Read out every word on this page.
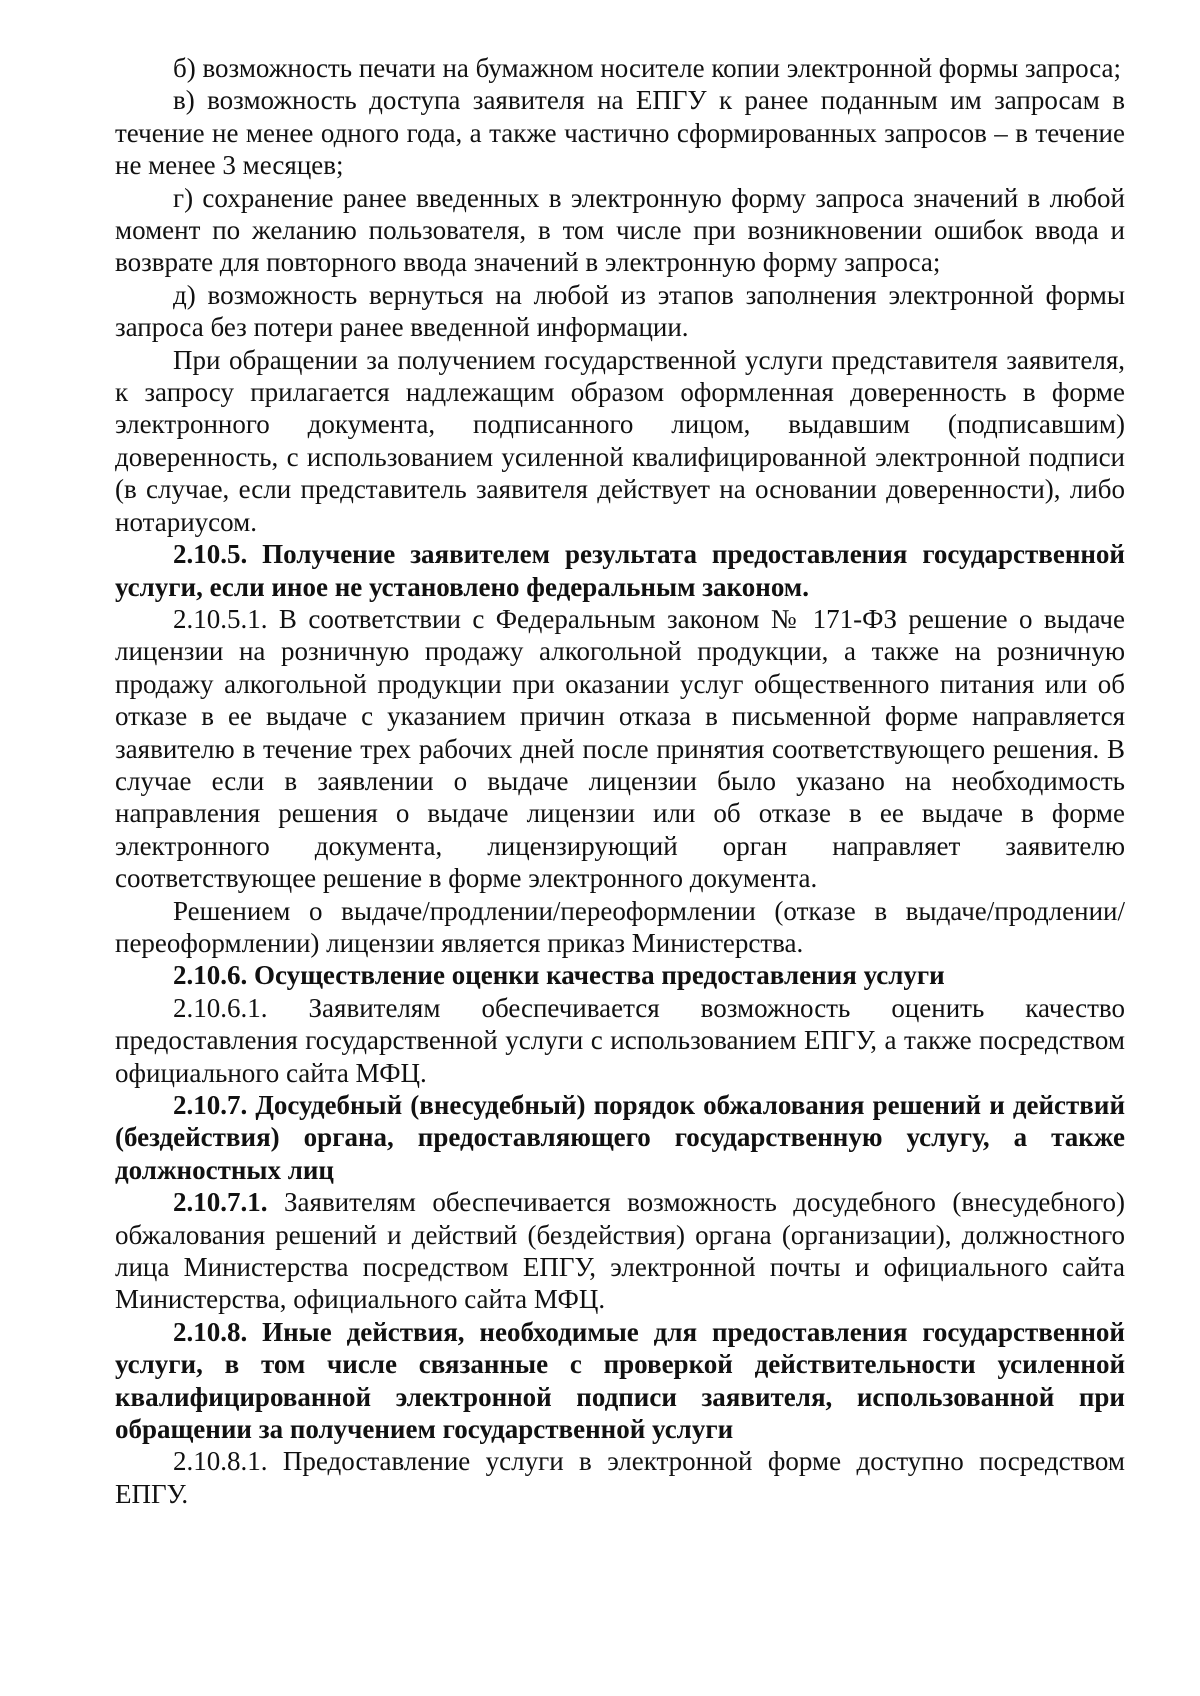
б) возможность печати на бумажном носителе копии электронной формы запроса;

в) возможность доступа заявителя на ЕПГУ к ранее поданным им запросам в течение не менее одного года, а также частично сформированных запросов – в течение не менее 3 месяцев;

г) сохранение ранее введенных в электронную форму запроса значений в любой момент по желанию пользователя, в том числе при возникновении ошибок ввода и возврате для повторного ввода значений в электронную форму запроса;

д) возможность вернуться на любой из этапов заполнения электронной формы запроса без потери ранее введенной информации.

При обращении за получением государственной услуги представителя заявителя, к запросу прилагается надлежащим образом оформленная доверенность в форме электронного документа, подписанного лицом, выдавшим (подписавшим) доверенность, с использованием усиленной квалифицированной электронной подписи (в случае, если представитель заявителя действует на основании доверенности), либо нотариусом.

2.10.5. Получение заявителем результата предоставления государственной услуги, если иное не установлено федеральным законом.

2.10.5.1. В соответствии с Федеральным законом № 171-ФЗ решение о выдаче лицензии на розничную продажу алкогольной продукции, а также на розничную продажу алкогольной продукции при оказании услуг общественного питания или об отказе в ее выдаче с указанием причин отказа в письменной форме направляется заявителю в течение трех рабочих дней после принятия соответствующего решения. В случае если в заявлении о выдаче лицензии было указано на необходимость направления решения о выдаче лицензии или об отказе в ее выдаче в форме электронного документа, лицензирующий орган направляет заявителю соответствующее решение в форме электронного документа.

Решением о выдаче/продлении/переоформлении (отказе в выдаче/продлении/переоформлении) лицензии является приказ Министерства.

2.10.6. Осуществление оценки качества предоставления услуги

2.10.6.1. Заявителям обеспечивается возможность оценить качество предоставления государственной услуги с использованием ЕПГУ, а также посредством официального сайта МФЦ.

2.10.7. Досудебный (внесудебный) порядок обжалования решений и действий (бездействия) органа, предоставляющего государственную услугу, а также должностных лиц

2.10.7.1. Заявителям обеспечивается возможность досудебного (внесудебного) обжалования решений и действий (бездействия) органа (организации), должностного лица Министерства посредством ЕПГУ, электронной почты и официального сайта Министерства, официального сайта МФЦ.

2.10.8. Иные действия, необходимые для предоставления государственной услуги, в том числе связанные с проверкой действительности усиленной квалифицированной электронной подписи заявителя, использованной при обращении за получением государственной услуги

2.10.8.1. Предоставление услуги в электронной форме доступно посредством ЕПГУ.
